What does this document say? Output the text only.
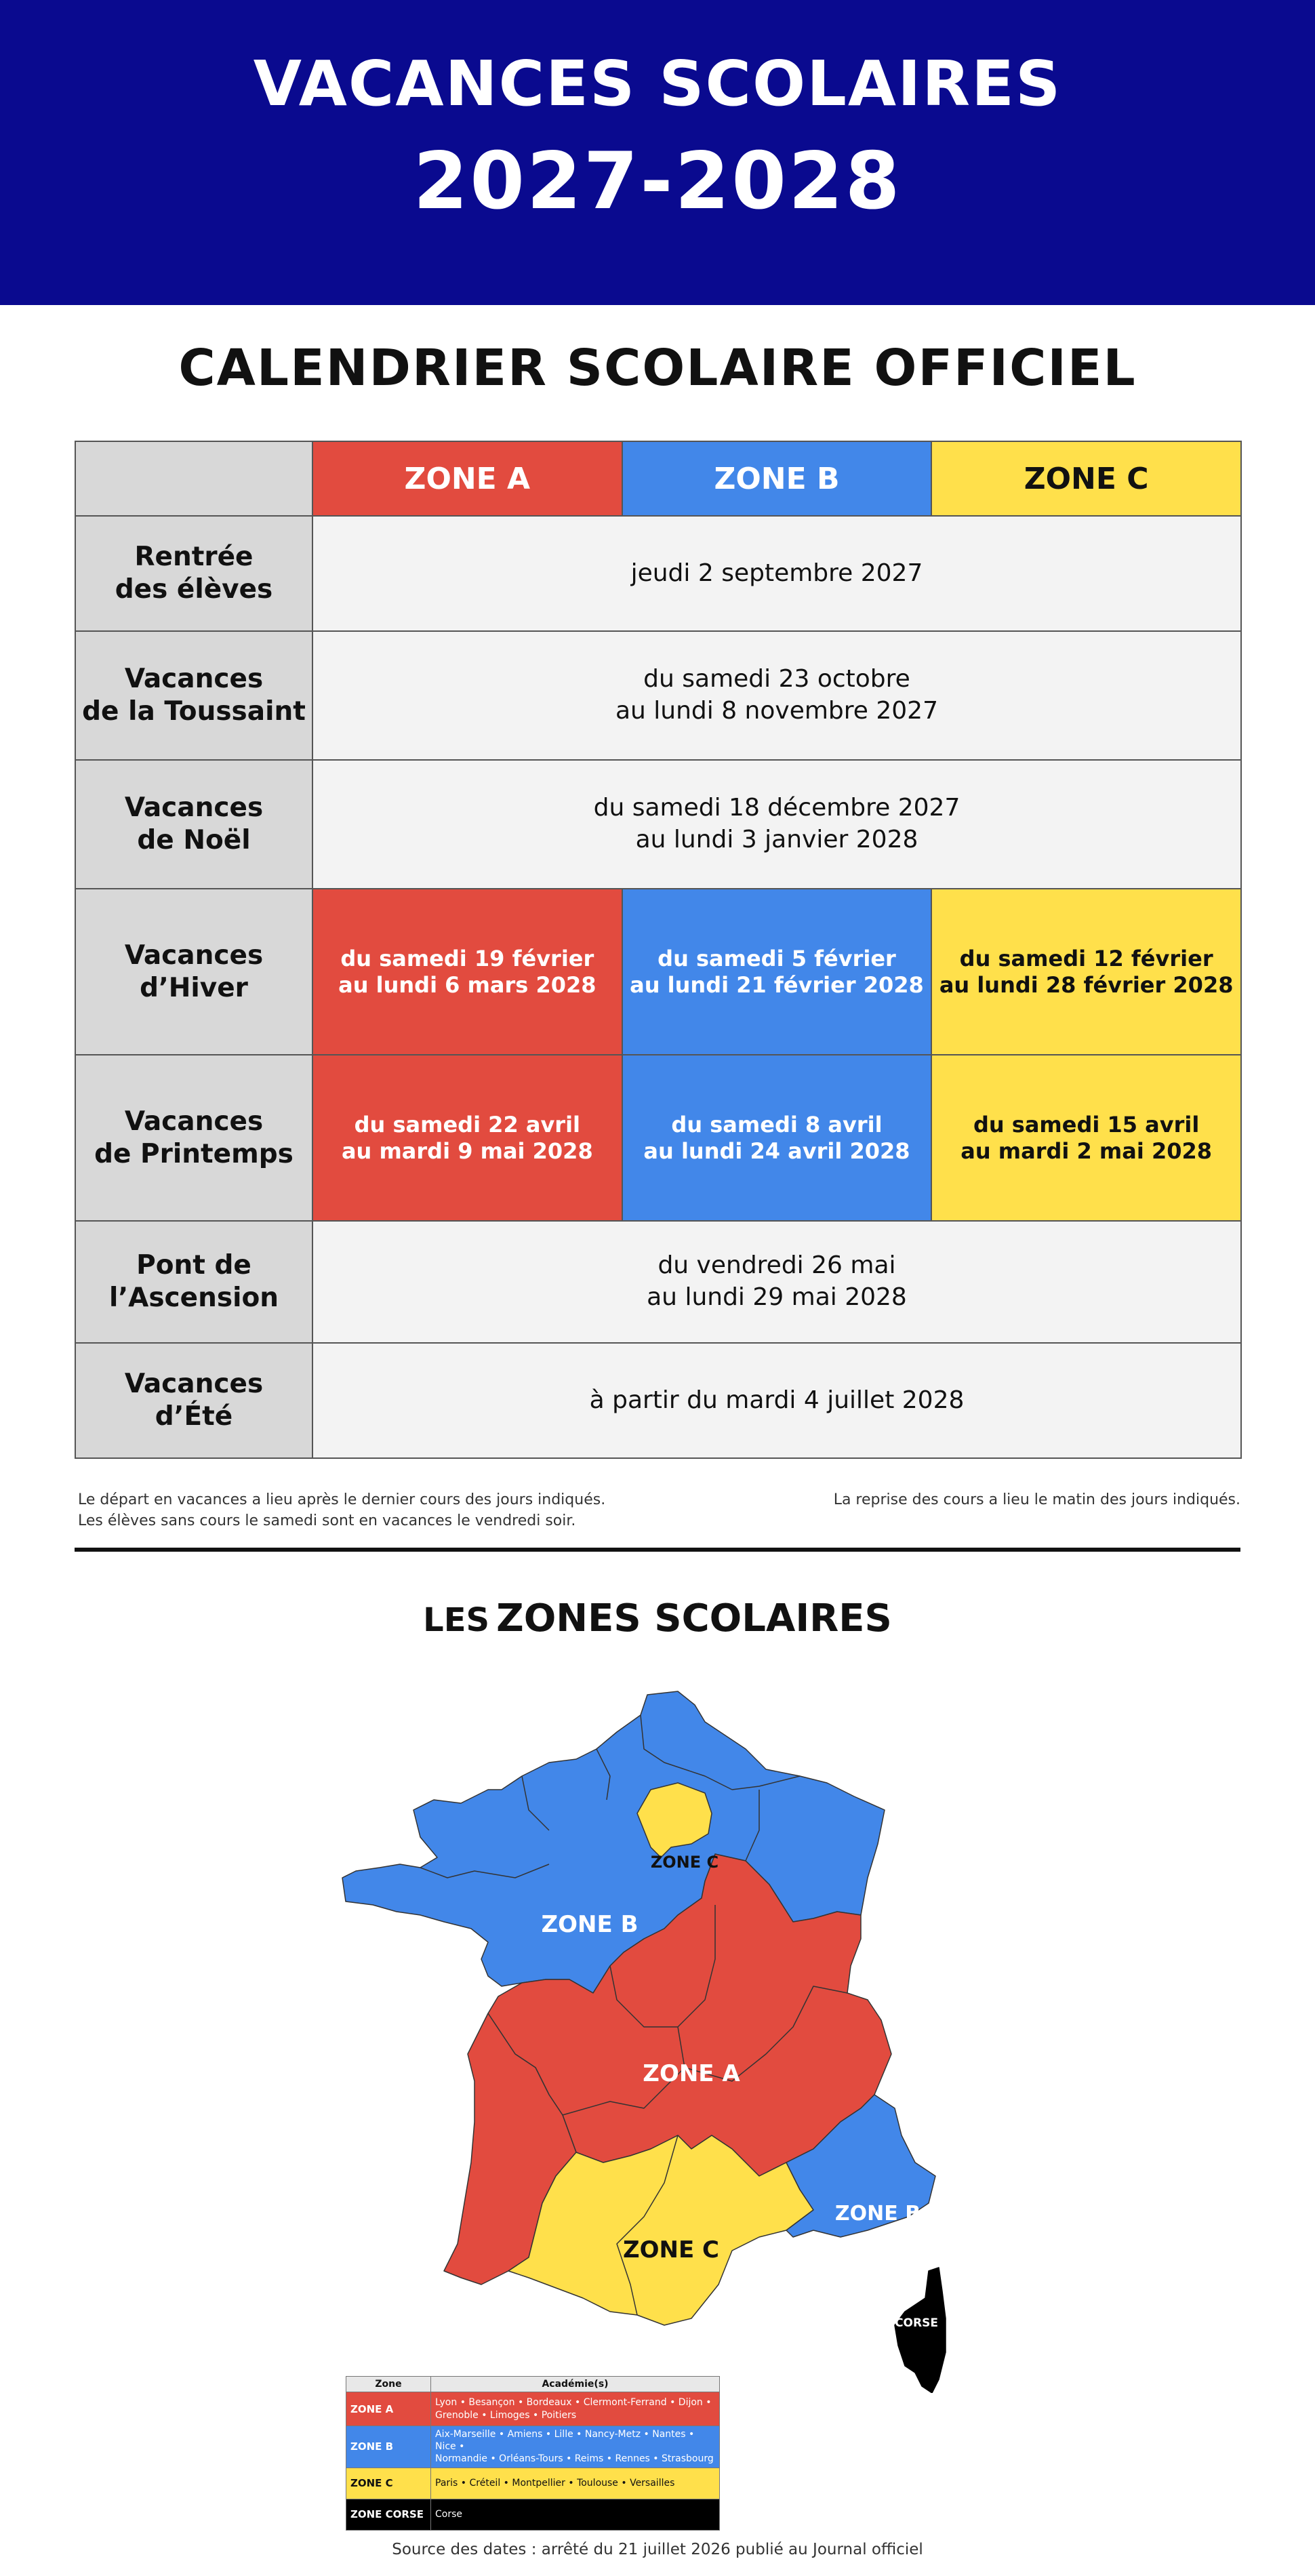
VACANCES SCOLAIRES
2027-2028
CALENDRIER SCOLAIRE OFFICIEL
	ZONE A	ZONE B	ZONE C
Rentrée
des élèves	jeudi 2 septembre 2027		
Vacances
de la Toussaint	du samedi 23 octobre
au lundi 8 novembre 2027		
Vacances
de Noël	du samedi 18 décembre 2027
au lundi 3 janvier 2028		
Vacances
d’Hiver	du samedi 19 février
au lundi 6 mars 2028	du samedi 5 février
au lundi 21 février 2028	du samedi 12 février
au lundi 28 février 2028
Vacances
de Printemps	du samedi 22 avril
au mardi 9 mai 2028	du samedi 8 avril
au lundi 24 avril 2028	du samedi 15 avril
au mardi 2 mai 2028
Pont de
l’Ascension	du vendredi 26 mai
au lundi 29 mai 2028		
Vacances
d’Été	à partir du mardi 4 juillet 2028		
Le départ en vacances a lieu après le dernier cours des jours indiqués.
Les élèves sans cours le samedi sont en vacances le vendredi soir.
La reprise des cours a lieu le matin des jours indiqués.
LES ZONES SCOLAIRES
ZONE C
ZONE B
ZONE A
ZONE C
ZONE B
CORSE
Zone	Académie(s)
ZONE A	Lyon • Besançon • Bordeaux • Clermont-Ferrand • Dijon •
Grenoble • Limoges • Poitiers
ZONE B	Aix-Marseille • Amiens • Lille • Nancy-Metz • Nantes • Nice •
Normandie • Orléans-Tours • Reims • Rennes • Strasbourg
ZONE C	Paris • Créteil • Montpellier • Toulouse • Versailles
ZONE CORSE	Corse
Source des dates : arrêté du 21 juillet 2026 publié au Journal officiel
